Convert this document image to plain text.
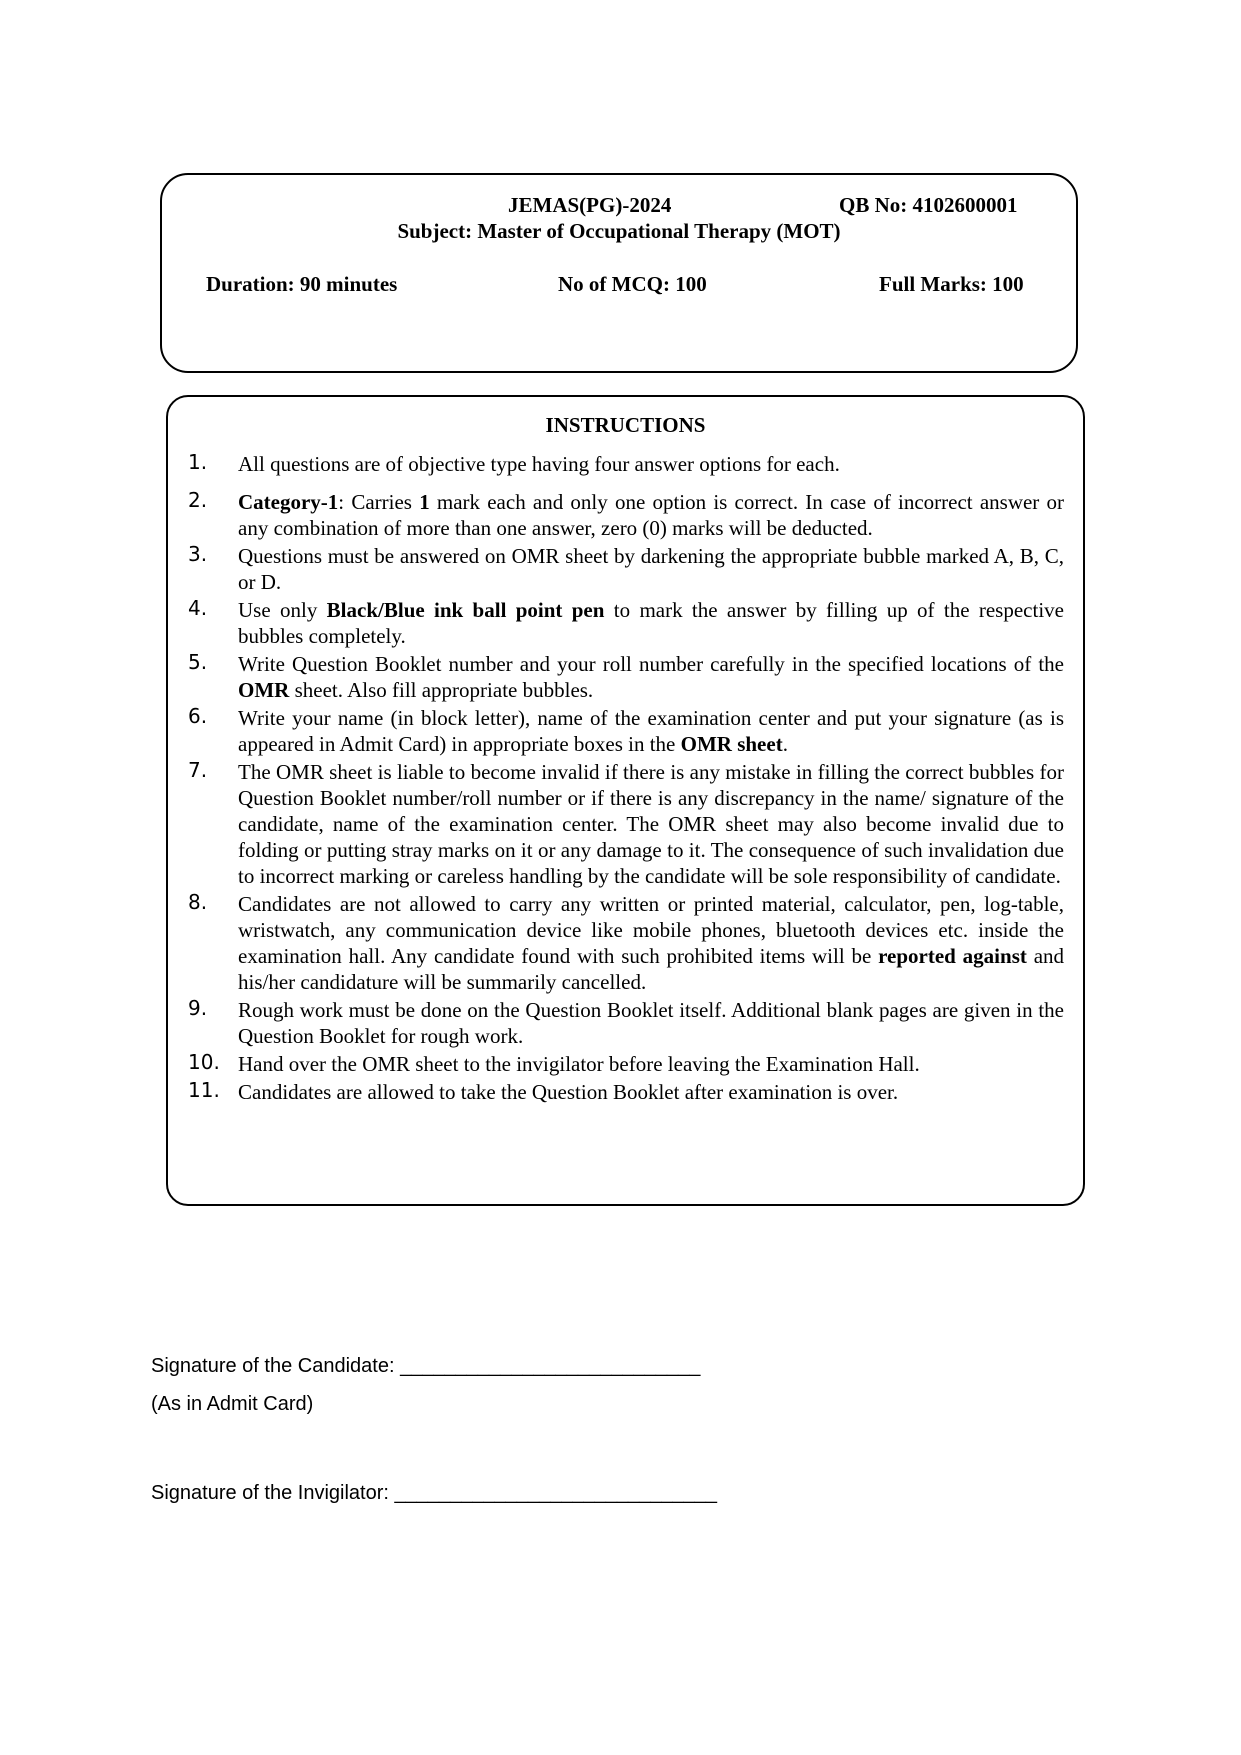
JEMAS(PG)-2024	QB No: 4102600001
Subject: Master of Occupational Therapy (MOT)
Duration: 90 minutes	No of MCQ: 100	Full Marks: 100
INSTRUCTIONS
1. All questions are of objective type having four answer options for each.
2. Category-1: Carries 1 mark each and only one option is correct. In case of incorrect answer or any combination of more than one answer, zero (0) marks will be deducted.
3. Questions must be answered on OMR sheet by darkening the appropriate bubble marked A, B, C, or D.
4. Use only Black/Blue ink ball point pen to mark the answer by filling up of the respective bubbles completely.
5. Write Question Booklet number and your roll number carefully in the specified locations of the OMR sheet. Also fill appropriate bubbles.
6. Write your name (in block letter), name of the examination center and put your signature (as is appeared in Admit Card) in appropriate boxes in the OMR sheet.
7. The OMR sheet is liable to become invalid if there is any mistake in filling the correct bubbles for Question Booklet number/roll number or if there is any discrepancy in the name/ signature of the candidate, name of the examination center. The OMR sheet may also become invalid due to folding or putting stray marks on it or any damage to it. The consequence of such invalidation due to incorrect marking or careless handling by the candidate will be sole responsibility of candidate.
8. Candidates are not allowed to carry any written or printed material, calculator, pen, log-table, wristwatch, any communication device like mobile phones, bluetooth devices etc. inside the examination hall. Any candidate found with such prohibited items will be reported against and his/her candidature will be summarily cancelled.
9. Rough work must be done on the Question Booklet itself. Additional blank pages are given in the Question Booklet for rough work.
10. Hand over the OMR sheet to the invigilator before leaving the Examination Hall.
11. Candidates are allowed to take the Question Booklet after examination is over.
Signature of the Candidate: ___________________________
(As in Admit Card)
Signature of the Invigilator: _____________________________
